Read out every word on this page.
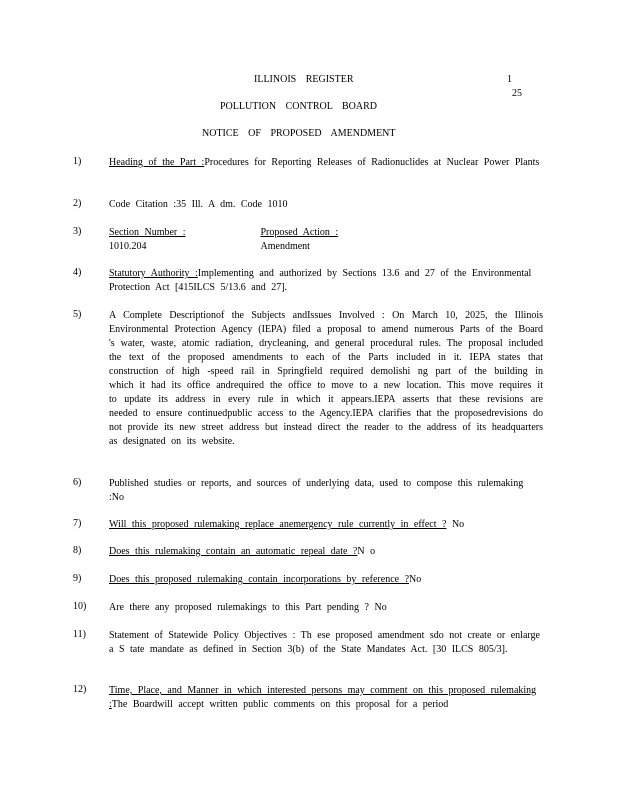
ILLINOIS REGISTER	1
25
POLLUTION CONTROL BOARD
NOTICE OF PROPOSED AMENDMENT
1)	Heading of the Part :Procedures for Reporting Releases of Radionuclides at Nuclear Power Plants
2)	Code Citation :35 Ill. A dm. Code 1010
3)	Section Number :
1010.204

Proposed Action :
Amendment
4)	Statutory Authority :Implementing and authorized by Sections 13.6 and 27 of the Environmental Protection Act [415ILCS 5/13.6 and 27].
5)	A Complete Descriptionof the Subjects andIssues Involved : On March 10, 2025, the Illinois Environmental Protection Agency (IEPA) filed a proposal to amend numerous Parts of the Board 's water, waste, atomic radiation, drycleaning, and general procedural rules. The proposal included the text of the proposed amendments to each of the Parts included in it. IEPA states that construction of high -speed rail in Springfield required demolishi ng part of the building in which it had its office andrequired the office to move to a new location. This move requires it to update its address in every rule in which it appears.IEPA asserts that these revisions are needed to ensure continuedpublic access to the Agency.IEPA clarifies that the proposedrevisions do not provide its new street address but instead direct the reader to the address of its headquarters as designated on its website.
6)	Published studies or reports, and sources of underlying data, used to compose this rulemaking :No
7)	Will this proposed rulemaking replace anemergency rule currently in effect ? No
8)	Does this rulemaking contain an automatic repeal date ?N o
9)	Does this proposed rulemaking contain incorporations by reference ?No
10)	Are there any proposed rulemakings to this Part pending ? No
11)	Statement of Statewide Policy Objectives : Th ese proposed amendment sdo not create or enlarge a S tate mandate as defined in Section 3(b) of the State Mandates Act. [30 ILCS 805/3].
12)	Time, Place, and Manner in which interested persons may comment on this proposed rulemaking :The Boardwill accept written public comments on this proposal for a period
